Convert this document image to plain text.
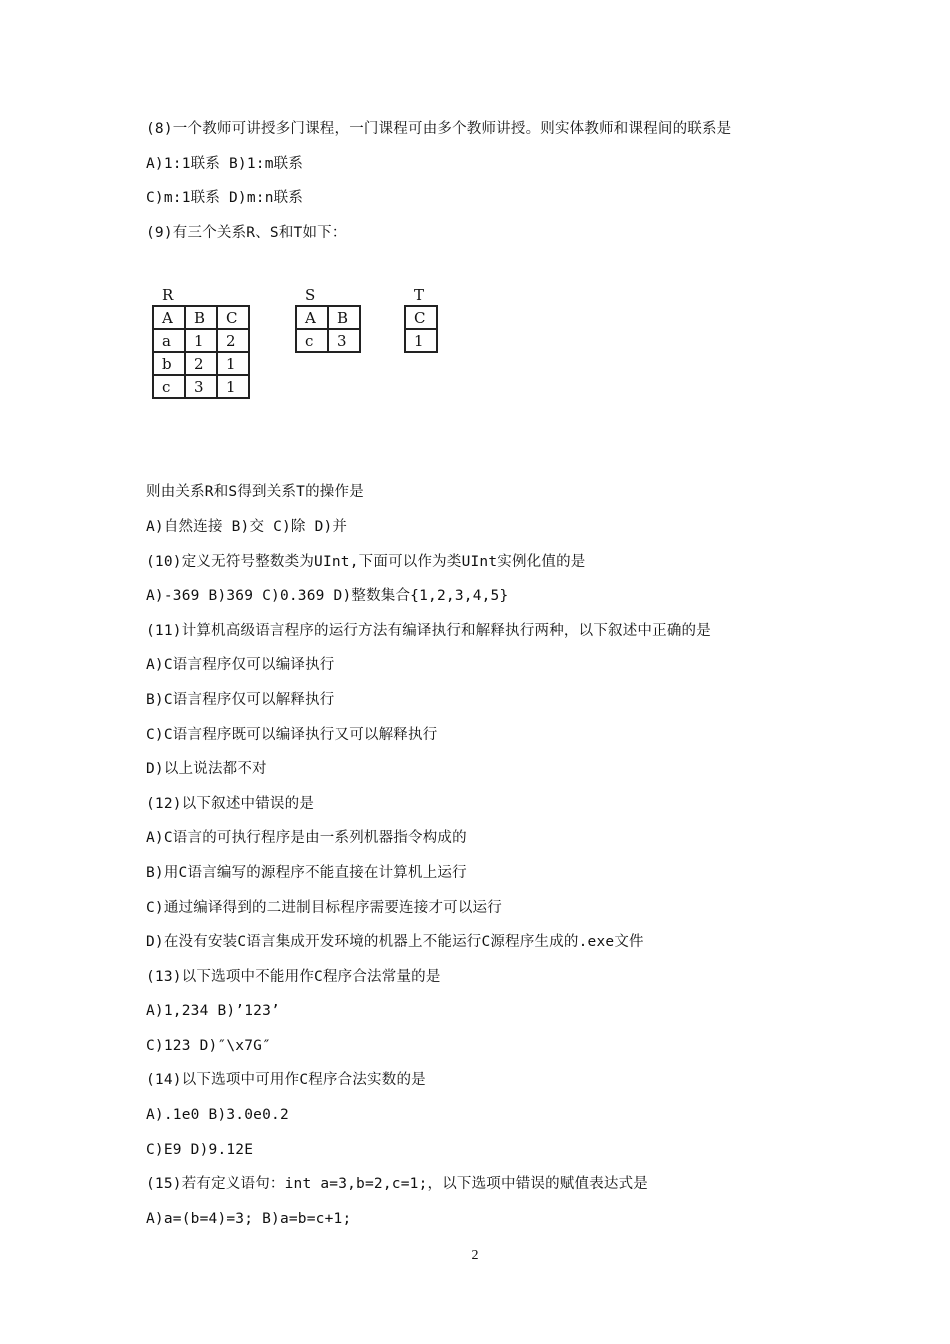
(8)一个教师可讲授多门课程，一门课程可由多个教师讲授。则实体教师和课程间的联系是
A)1:1联系 B)1:m联系
C)m:1联系 D)m:n联系
(9)有三个关系R、S和T如下：
则由关系R和S得到关系T的操作是
A)自然连接 B)交 C)除 D)并
(10)定义无符号整数类为UInt,下面可以作为类UInt实例化值的是
A)-369 B)369 C)0.369 D)整数集合{1,2,3,4,5}
(11)计算机高级语言程序的运行方法有编译执行和解释执行两种，以下叙述中正确的是
A)C语言程序仅可以编译执行
B)C语言程序仅可以解释执行
C)C语言程序既可以编译执行又可以解释执行
D)以上说法都不对
(12)以下叙述中错误的是
A)C语言的可执行程序是由一系列机器指令构成的
B)用C语言编写的源程序不能直接在计算机上运行
C)通过编译得到的二进制目标程序需要连接才可以运行
D)在没有安装C语言集成开发环境的机器上不能运行C源程序生成的.exe文件
(13)以下选项中不能用作C程序合法常量的是
A)1,234 B)’123’
C)123 D)″\x7G″
(14)以下选项中可用作C程序合法实数的是
A).1e0 B)3.0e0.2
C)E9 D)9.12E
(15)若有定义语句：int a=3,b=2,c=1;，以下选项中错误的赋值表达式是
A)a=(b=4)=3; B)a=b=c+1;
R
A	B	C
a	1	2
b	2	1
c	3	1
S
A	B
c	3
T
C
1
2
